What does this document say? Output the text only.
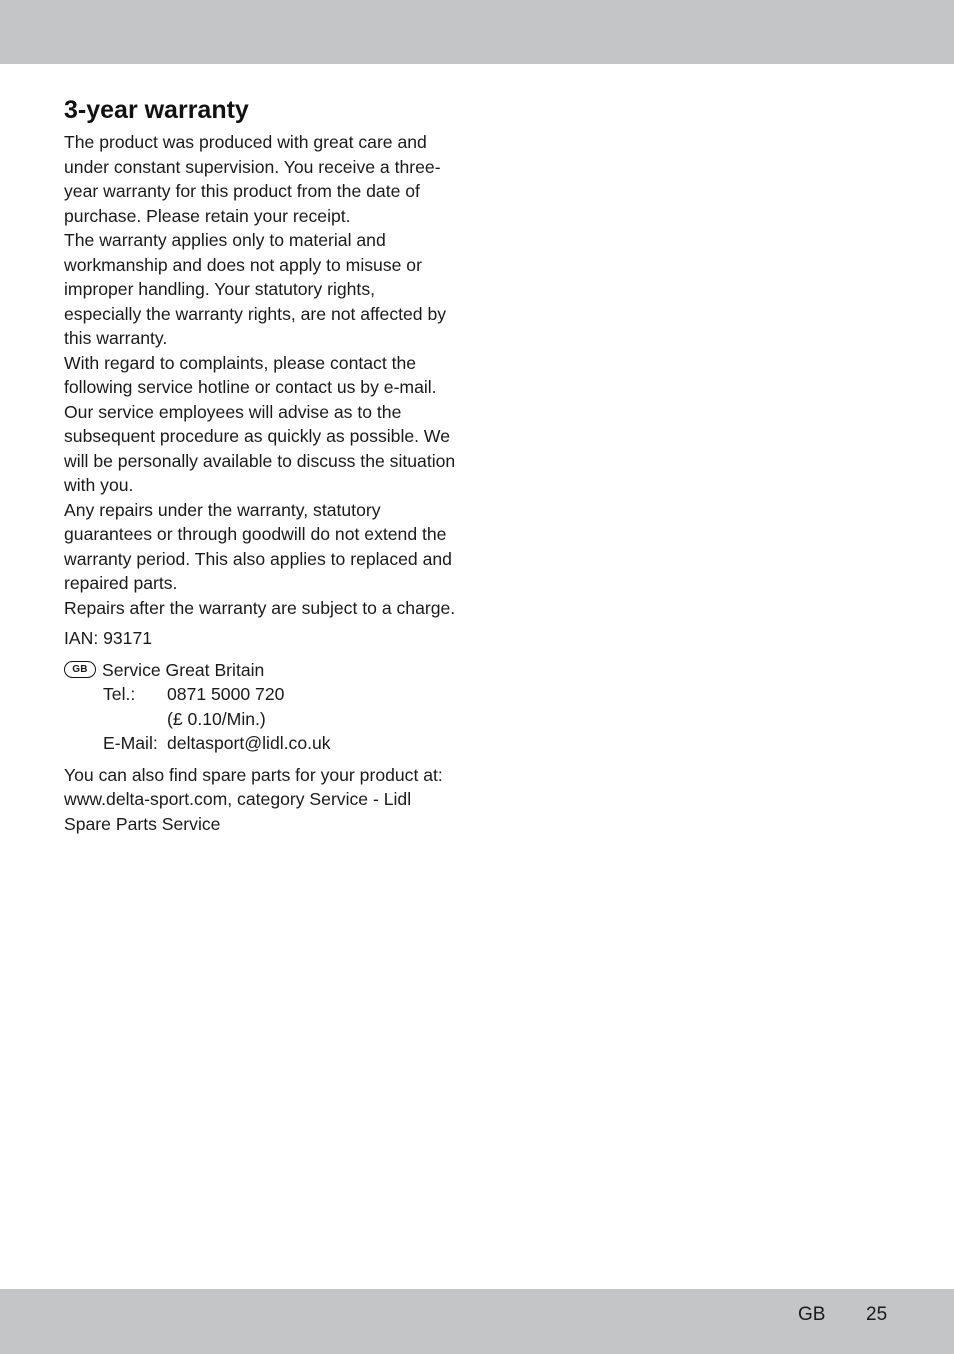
3-year warranty

The product was produced with great care and under constant supervision. You receive a three-year warranty for this product from the date of purchase. Please retain your receipt.

The warranty applies only to material and workmanship and does not apply to misuse or improper handling. Your statutory rights, especially the warranty rights, are not affected by this warranty.

With regard to complaints, please contact the following service hotline or contact us by e-mail. Our service employees will advise as to the subsequent procedure as quickly as possible. We will be personally available to discuss the situation with you.

Any repairs under the warranty, statutory guarantees or through goodwill do not extend the warranty period. This also applies to replaced and repaired parts.

Repairs after the warranty are subject to a charge.

IAN: 93171

GB Service Great Britain
Tel.:	0871 5000 720
(£ 0.10/Min.)
E-Mail: deltasport@lidl.co.uk

You can also find spare parts for your product at: www.delta-sport.com, category Service - Lidl Spare Parts Service

GB 25
